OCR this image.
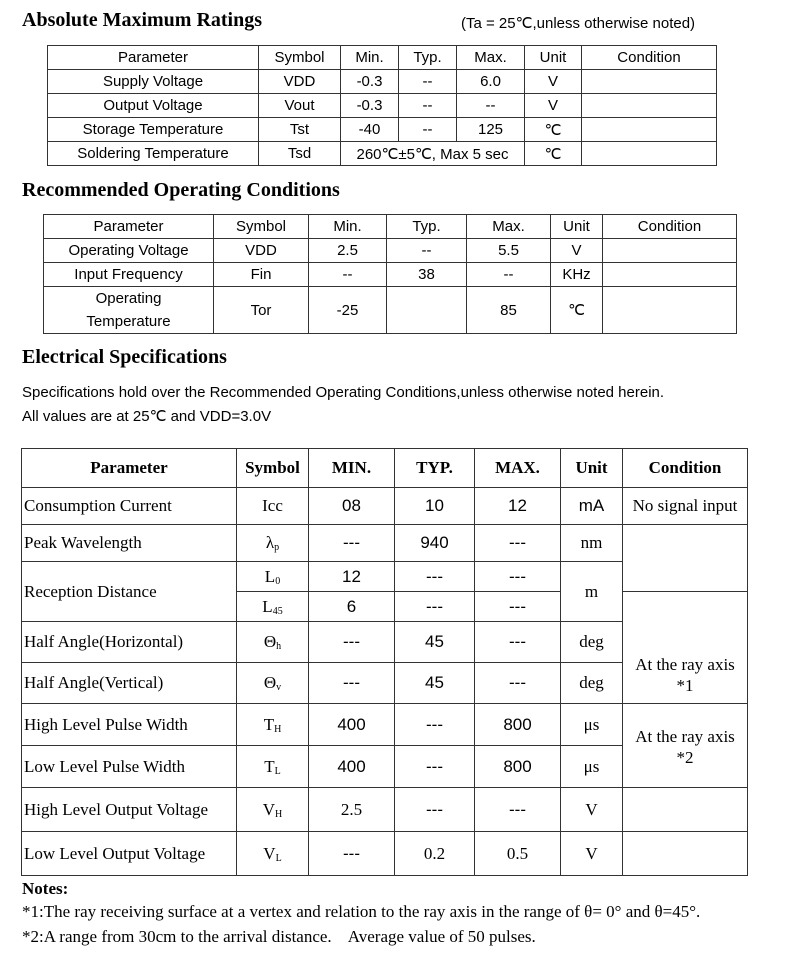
Absolute Maximum Ratings	(Ta = 25℃,unless otherwise noted)
Parameter	Symbol	Min.	Typ.	Max.	Unit	Condition
Supply Voltage	VDD	-0.3	--	6.0	V	
Output Voltage	Vout	-0.3	--	--	V	
Storage Temperature	Tst	-40	--	125	℃	
Soldering Temperature	Tsd	260℃±5℃, Max 5 sec			℃	
Recommended Operating Conditions
Parameter	Symbol	Min.	Typ.	Max.	Unit	Condition
Operating Voltage	VDD	2.5	--	5.5	V	
Input Frequency	Fin	--	38	--	KHz	

Operating
Temperature	Tor	-25		85	℃	
Electrical Specifications
Specifications hold over the Recommended Operating Conditions,unless otherwise noted herein.
All values are at 25℃ and VDD=3.0V
Parameter	Symbol	MIN.	TYP.	MAX.	Unit	Condition
Consumption Current	Icc	08	10	12	mA	No signal input
Peak Wavelength	$\lambda_p$	---	940	---	nm	
Reception Distance	$L_0$	12	---	---	m	
	$L_{45}$	6	---	---		At the ray axis
*1

Half Angle(Horizontal)	$\Theta_h$	---	45	---	deg	
Half Angle(Vertical)	$\Theta_v$	---	45	---	deg	
High Level Pulse Width	$T_H$	400	---	800	μs	At the ray axis
*2

Low Level Pulse Width	$T_L$	400	---	800	μs	
High Level Output Voltage	$V_H$	2.5	---	---	V	
Low Level Output Voltage	$V_L$	---	0.2	0.5	V	
Notes:
*1:The ray receiving surface at a vertex and relation to the ray axis in the range of θ= 0° and θ=45°.
*2:A range from 30cm to the arrival distance.    Average value of 50 pulses.
